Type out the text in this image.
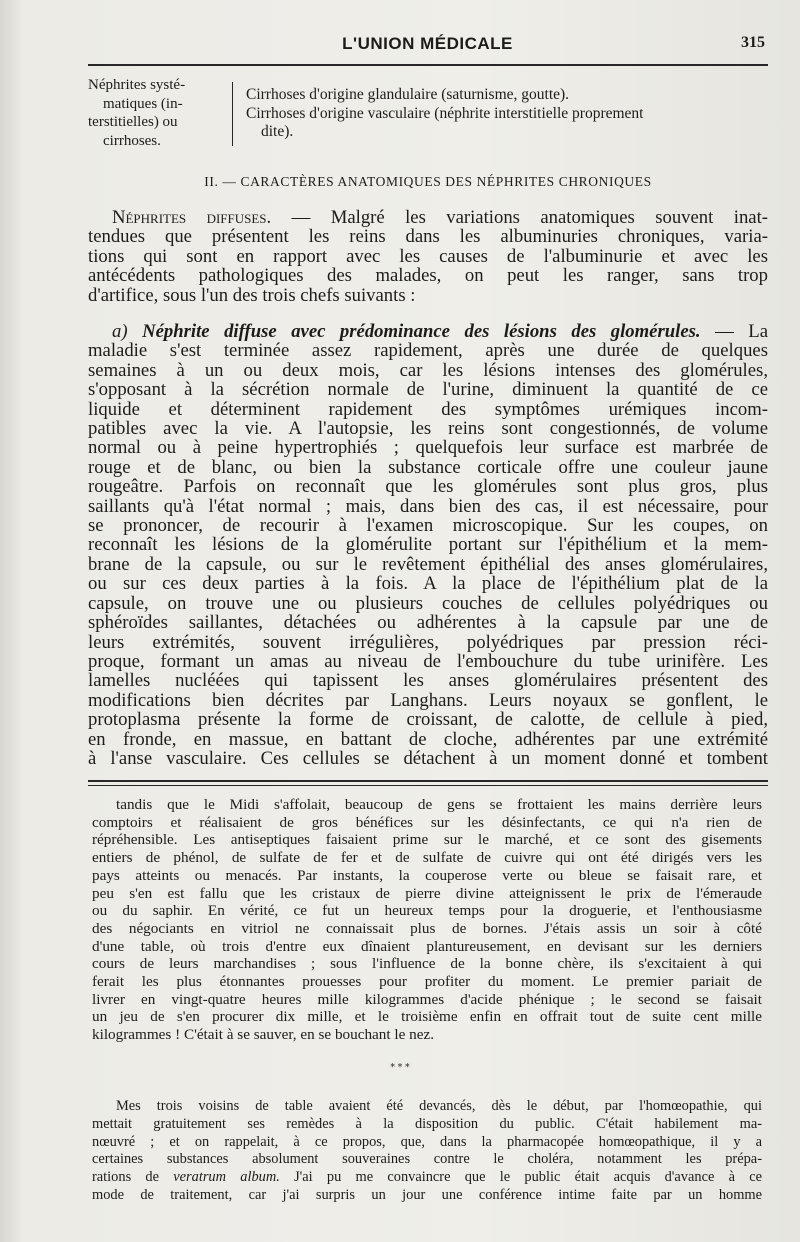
L'UNION MÉDICALE	315
Néphrites systé-
matiques (in-
terstitielles) ou
cirrhoses.
Cirrhoses d'origine glandulaire (saturnisme, goutte).
Cirrhoses d'origine vasculaire (néphrite interstitielle proprement
dite).
II. — CARACTÈRES ANATOMIQUES DES NÉPHRITES CHRONIQUES
Néphrites diffuses. — Malgré les variations anatomiques souvent inat-
tendues que présentent les reins dans les albuminuries chroniques, varia-
tions qui sont en rapport avec les causes de l'albuminurie et avec les
antécédents pathologiques des malades, on peut les ranger, sans trop
d'artifice, sous l'un des trois chefs suivants :
a) Néphrite diffuse avec prédominance des lésions des glomérules. — La
maladie s'est terminée assez rapidement, après une durée de quelques
semaines à un ou deux mois, car les lésions intenses des glomérules,
s'opposant à la sécrétion normale de l'urine, diminuent la quantité de ce
liquide et déterminent rapidement des symptômes urémiques incom-
patibles avec la vie. A l'autopsie, les reins sont congestionnés, de volume
normal ou à peine hypertrophiés ; quelquefois leur surface est marbrée de
rouge et de blanc, ou bien la substance corticale offre une couleur jaune
rougeâtre. Parfois on reconnaît que les glomérules sont plus gros, plus
saillants qu'à l'état normal ; mais, dans bien des cas, il est nécessaire, pour
se prononcer, de recourir à l'examen microscopique. Sur les coupes, on
reconnaît les lésions de la glomérulite portant sur l'épithélium et la mem-
brane de la capsule, ou sur le revêtement épithélial des anses glomérulaires,
ou sur ces deux parties à la fois. A la place de l'épithélium plat de la
capsule, on trouve une ou plusieurs couches de cellules polyédriques ou
sphéroïdes saillantes, détachées ou adhérentes à la capsule par une de
leurs extrémités, souvent irrégulières, polyédriques par pression réci-
proque, formant un amas au niveau de l'embouchure du tube urinifère. Les
lamelles nucléées qui tapissent les anses glomérulaires présentent des
modifications bien décrites par Langhans. Leurs noyaux se gonflent, le
protoplasma présente la forme de croissant, de calotte, de cellule à pied,
en fronde, en massue, en battant de cloche, adhérentes par une extrémité
à l'anse vasculaire. Ces cellules se détachent à un moment donné et tombent
tandis que le Midi s'affolait, beaucoup de gens se frottaient les mains derrière leurs
comptoirs et réalisaient de gros bénéfices sur les désinfectants, ce qui n'a rien de
répréhensible. Les antiseptiques faisaient prime sur le marché, et ce sont des gisements
entiers de phénol, de sulfate de fer et de sulfate de cuivre qui ont été dirigés vers les
pays atteints ou menacés. Par instants, la couperose verte ou bleue se faisait rare, et
peu s'en est fallu que les cristaux de pierre divine atteignissent le prix de l'émeraude
ou du saphir. En vérité, ce fut un heureux temps pour la droguerie, et l'enthousiasme
des négociants en vitriol ne connaissait plus de bornes. J'étais assis un soir à côté
d'une table, où trois d'entre eux dînaient plantureusement, en devisant sur les derniers
cours de leurs marchandises ; sous l'influence de la bonne chère, ils s'excitaient à qui
ferait les plus étonnantes prouesses pour profiter du moment. Le premier pariait de
livrer en vingt-quatre heures mille kilogrammes d'acide phénique ; le second se faisait
un jeu de s'en procurer dix mille, et le troisième enfin en offrait tout de suite cent mille
kilogrammes ! C'était à se sauver, en se bouchant le nez.
* * *
Mes trois voisins de table avaient été devancés, dès le début, par l'homœopathie, qui
mettait gratuitement ses remèdes à la disposition du public. C'était habilement ma-
nœuvré ; et on rappelait, à ce propos, que, dans la pharmacopée homœopathique, il y a
certaines substances absolument souveraines contre le choléra, notamment les prépa-
rations de veratrum album. J'ai pu me convaincre que le public était acquis d'avance à ce
mode de traitement, car j'ai surpris un jour une conférence intime faite par un homme
